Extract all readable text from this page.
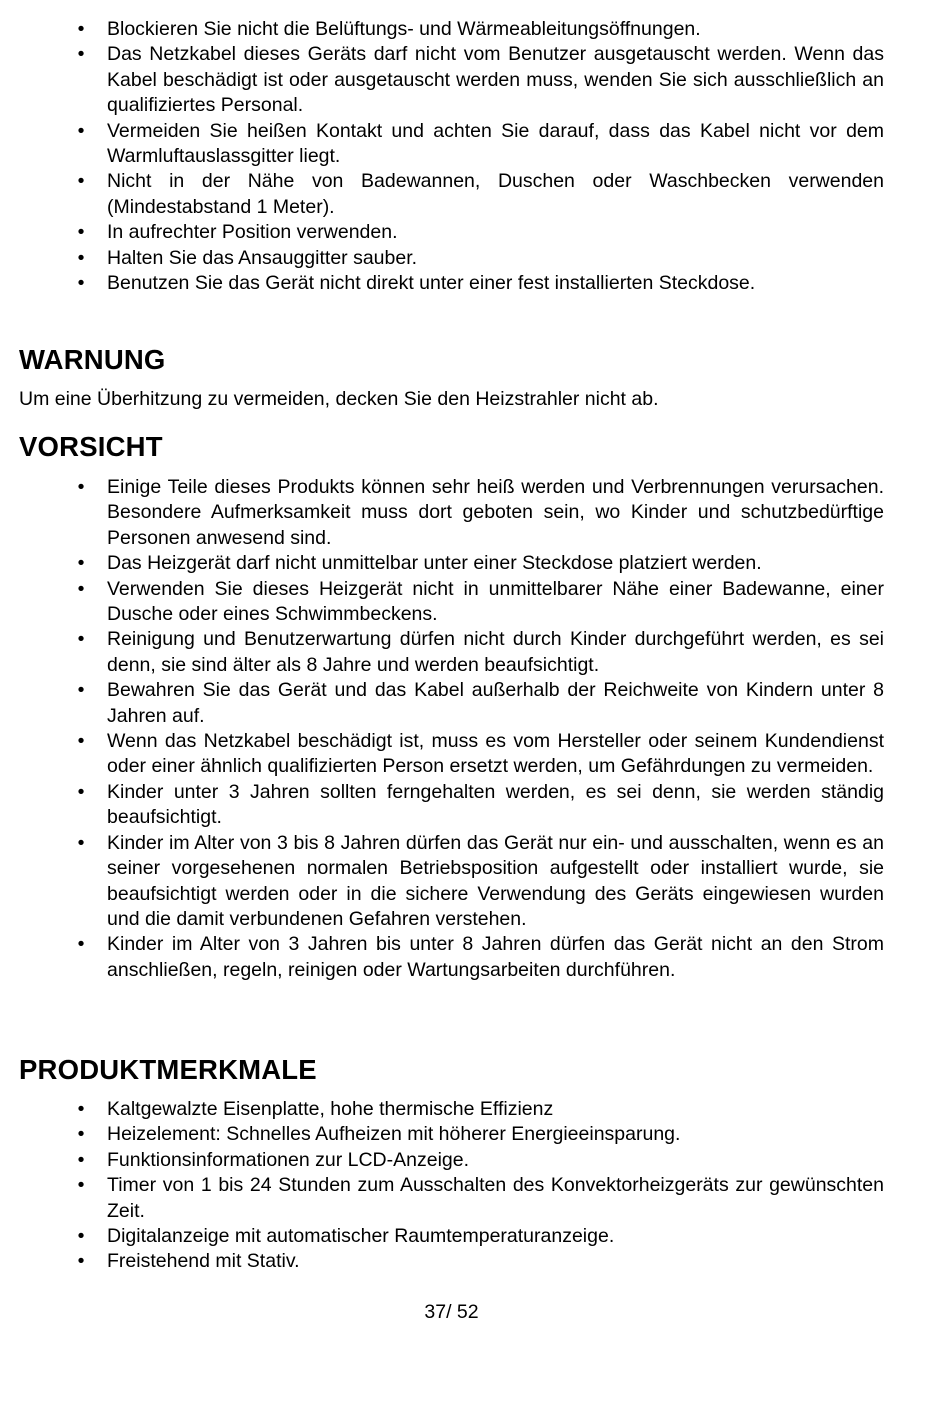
• Blockieren Sie nicht die Belüftungs- und Wärmeableitungsöffnungen.
• Das Netzkabel dieses Geräts darf nicht vom Benutzer ausgetauscht werden. Wenn das Kabel beschädigt ist oder ausgetauscht werden muss, wenden Sie sich ausschließlich an qualifiziertes Personal.
• Vermeiden Sie heißen Kontakt und achten Sie darauf, dass das Kabel nicht vor dem Warmluftauslassgitter liegt.
• Nicht in der Nähe von Badewannen, Duschen oder Waschbecken verwenden (Mindestabstand 1 Meter).
• In aufrechter Position verwenden.
• Halten Sie das Ansauggitter sauber.
• Benutzen Sie das Gerät nicht direkt unter einer fest installierten Steckdose.
WARNUNG

Um eine Überhitzung zu vermeiden, decken Sie den Heizstrahler nicht ab.

VORSICHT
• Einige Teile dieses Produkts können sehr heiß werden und Verbrennungen verursachen. Besondere Aufmerksamkeit muss dort geboten sein, wo Kinder und schutzbedürftige Personen anwesend sind.
• Das Heizgerät darf nicht unmittelbar unter einer Steckdose platziert werden.
• Verwenden Sie dieses Heizgerät nicht in unmittelbarer Nähe einer Badewanne, einer Dusche oder eines Schwimmbeckens.
• Reinigung und Benutzerwartung dürfen nicht durch Kinder durchgeführt werden, es sei denn, sie sind älter als 8 Jahre und werden beaufsichtigt.
• Bewahren Sie das Gerät und das Kabel außerhalb der Reichweite von Kindern unter 8 Jahren auf.
• Wenn das Netzkabel beschädigt ist, muss es vom Hersteller oder seinem Kundendienst oder einer ähnlich qualifizierten Person ersetzt werden, um Gefährdungen zu vermeiden.
• Kinder unter 3 Jahren sollten ferngehalten werden, es sei denn, sie werden ständig beaufsichtigt.
• Kinder im Alter von 3 bis 8 Jahren dürfen das Gerät nur ein- und ausschalten, wenn es an seiner vorgesehenen normalen Betriebsposition aufgestellt oder installiert wurde, sie beaufsichtigt werden oder in die sichere Verwendung des Geräts eingewiesen wurden und die damit verbundenen Gefahren verstehen.
• Kinder im Alter von 3 Jahren bis unter 8 Jahren dürfen das Gerät nicht an den Strom anschließen, regeln, reinigen oder Wartungsarbeiten durchführen.
PRODUKTMERKMALE
• Kaltgewalzte Eisenplatte, hohe thermische Effizienz
• Heizelement: Schnelles Aufheizen mit höherer Energieeinsparung.
• Funktionsinformationen zur LCD-Anzeige.
• Timer von 1 bis 24 Stunden zum Ausschalten des Konvektorheizgeräts zur gewünschten Zeit.
• Digitalanzeige mit automatischer Raumtemperaturanzeige.
• Freistehend mit Stativ.
37/ 52
